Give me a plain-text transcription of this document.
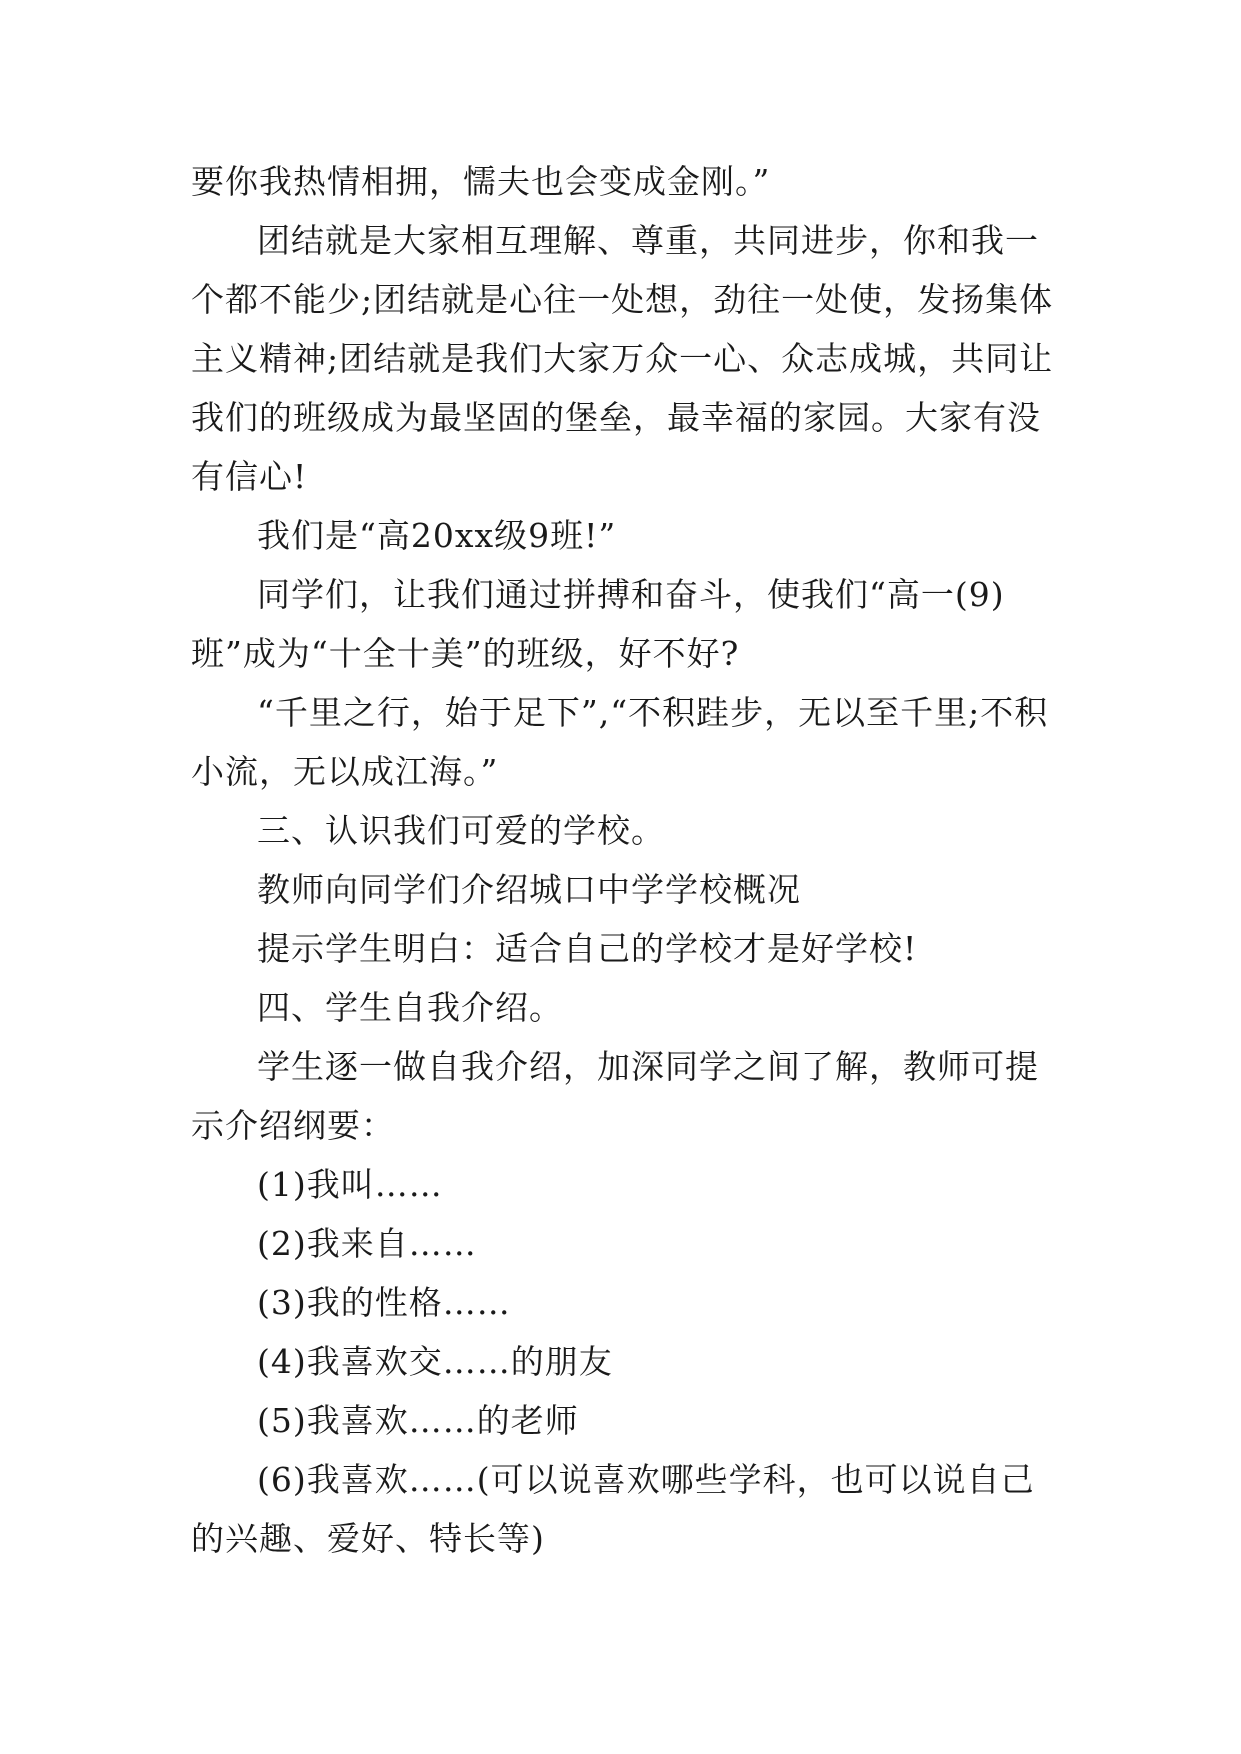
要你我热情相拥，懦夫也会变成金刚。”

团结就是大家相互理解、尊重，共同进步，你和我一个都不能少;团结就是心往一处想，劲往一处使，发扬集体主义精神;团结就是我们大家万众一心、众志成城，共同让我们的班级成为最坚固的堡垒，最幸福的家园。大家有没有信心!

我们是“高20xx级9班!”

同学们，让我们通过拼搏和奋斗，使我们“高一(9)班”成为“十全十美”的班级，好不好?

“千里之行，始于足下”,“不积跬步，无以至千里;不积小流，无以成江海。”

三、认识我们可爱的学校。

教师向同学们介绍城口中学学校概况

提示学生明白：适合自己的学校才是好学校!

四、学生自我介绍。

学生逐一做自我介绍，加深同学之间了解，教师可提示介绍纲要：

(1)我叫……

(2)我来自……

(3)我的性格……

(4)我喜欢交……的朋友

(5)我喜欢……的老师

(6)我喜欢……(可以说喜欢哪些学科，也可以说自己的兴趣、爱好、特长等)
